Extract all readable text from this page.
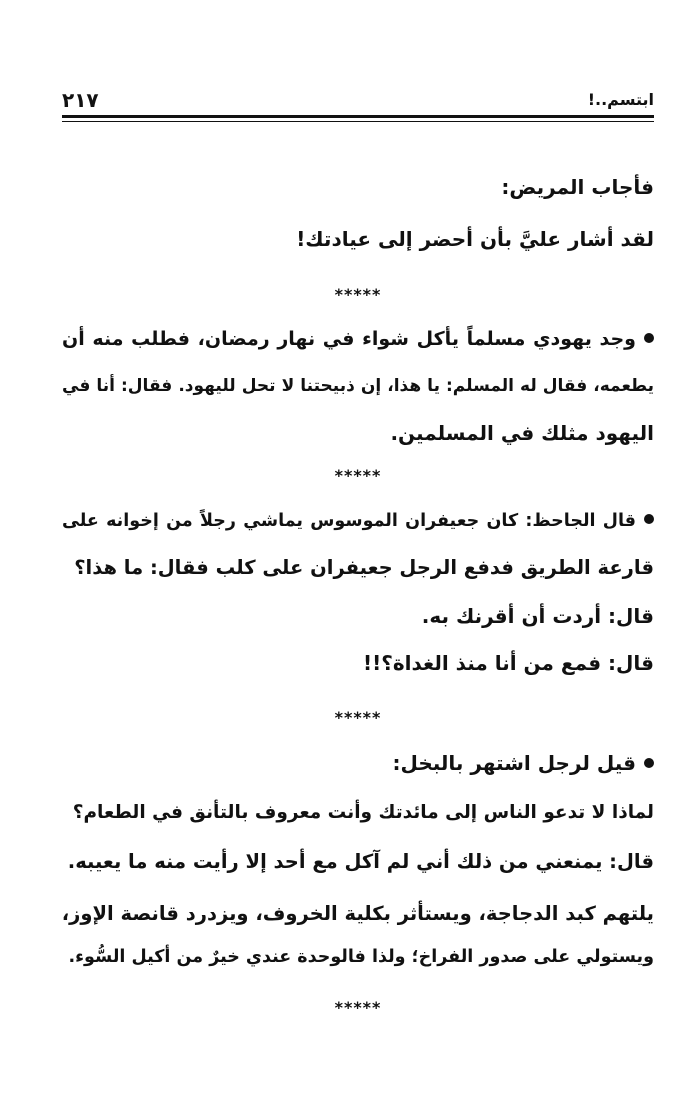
٢١٧	ابتسم..!
فأجاب المريض:
لقد أشار عليَّ بأن أحضر إلى عيادتك!
*****
وجد يهودي مسلماً يأكل شواء في نهار رمضان، فطلب منه أن
يطعمه، فقال له المسلم: يا هذا، إن ذبيحتنا لا تحل لليهود. فقال: أنا في
اليهود مثلك في المسلمين.
*****
قال الجاحظ: كان جعيفران الموسوس يماشي رجلاً من إخوانه على
قارعة الطريق فدفع الرجل جعيفران على كلب فقال: ما هذا؟
قال: أردت أن أقرنك به.
قال: فمع من أنا منذ الغداة؟!!
*****
قيل لرجل اشتهر بالبخل:
لماذا لا تدعو الناس إلى مائدتك وأنت معروف بالتأنق في الطعام؟
قال: يمنعني من ذلك أني لم آكل مع أحد إلا رأيت منه ما يعيبه.
يلتهم كبد الدجاجة، ويستأثر بكلية الخروف، ويزدرد قانصة الإوز،
ويستولي على صدور الفراخ؛ ولذا فالوحدة عندي خيرٌ من أكيل السُّوء.
*****
